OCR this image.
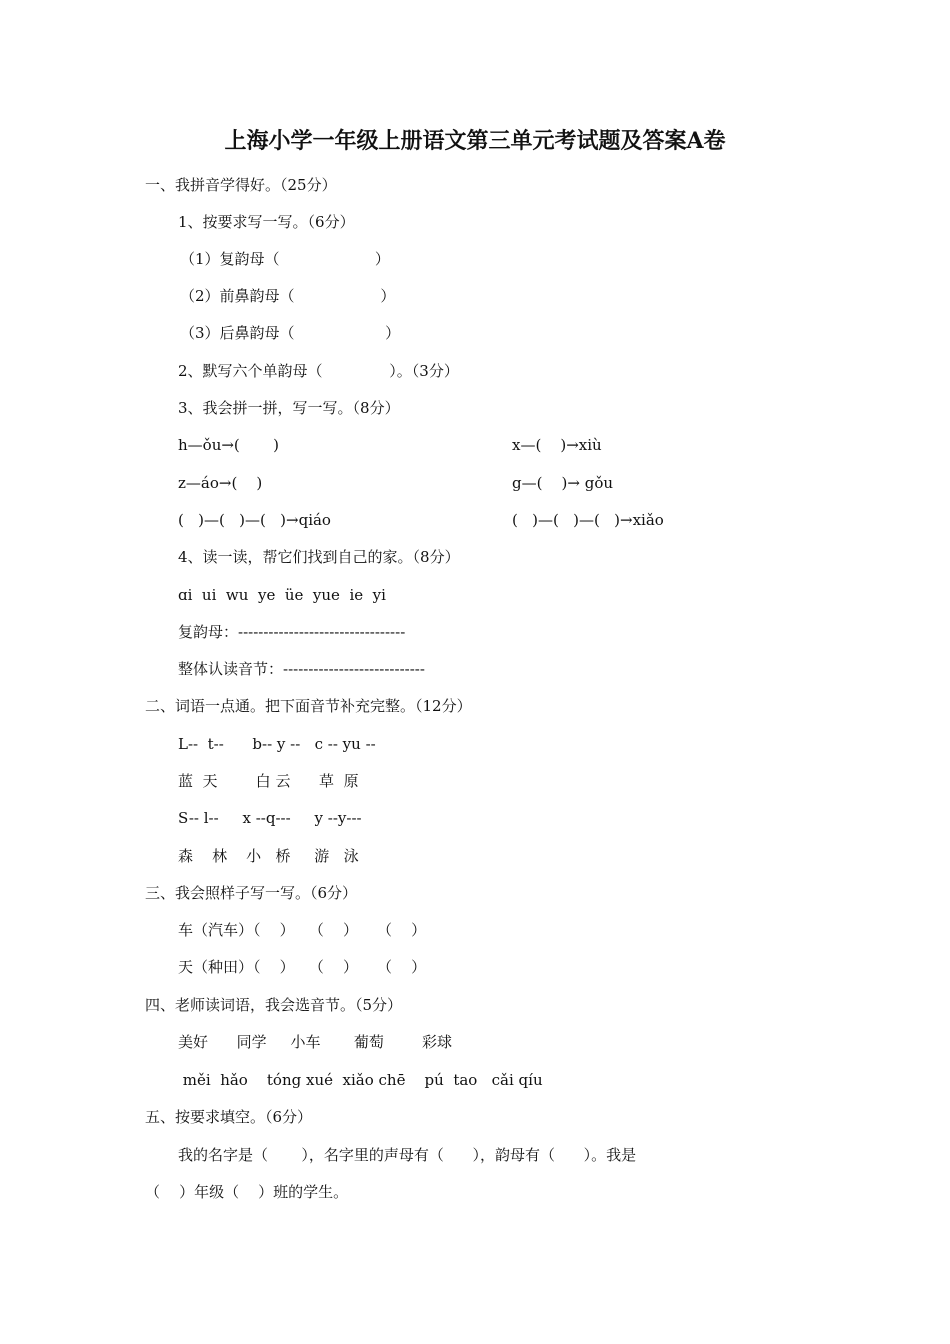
上海小学一年级上册语文第三单元考试题及答案A卷
一、我拼音学得好。（25分）
1、按要求写一写。（6分）
（1）复韵母（                    ）
（2）前鼻韵母（                  ）
（3）后鼻韵母（                   ）
2、默写六个单韵母（              ）。（3分）
3、我会拼一拼，写一写。（8分）
h—ǒu→(       )	x—(    )→xiù
z—áo→(    )	g—(    )→ gǒu
(   )—(   )—(   )→qiáo	(   )—(   )—(   )→xiǎo
4、读一读，帮它们找到自己的家。（8分）
ɑi  ui  wu  ye  üe  yue  ie  yi
复韵母：---------------------------------
整体认读音节：----------------------------
二、词语一点通。把下面音节补充完整。（12分）
L--  t--      b-- y --   c -- yu --
蓝  天        白 云      草  原
S-- l--     x --q---     y --y---
森    林    小   桥     游   泳
三、我会照样子写一写。（6分）
车（汽车）（    ）   （    ）    （    ）
天（种田）（    ）   （    ）    （    ）
四、老师读词语，我会选音节。（5分）
美好      同学     小车       葡萄        彩球
měi  hǎo    tóng xué  xiǎo chē    pú  tao   cǎi qíu
五、按要求填空。（6分）
我的名字是（       ），名字里的声母有（      ），韵母有（      ）。我是
（    ）年级（    ）班的学生。
